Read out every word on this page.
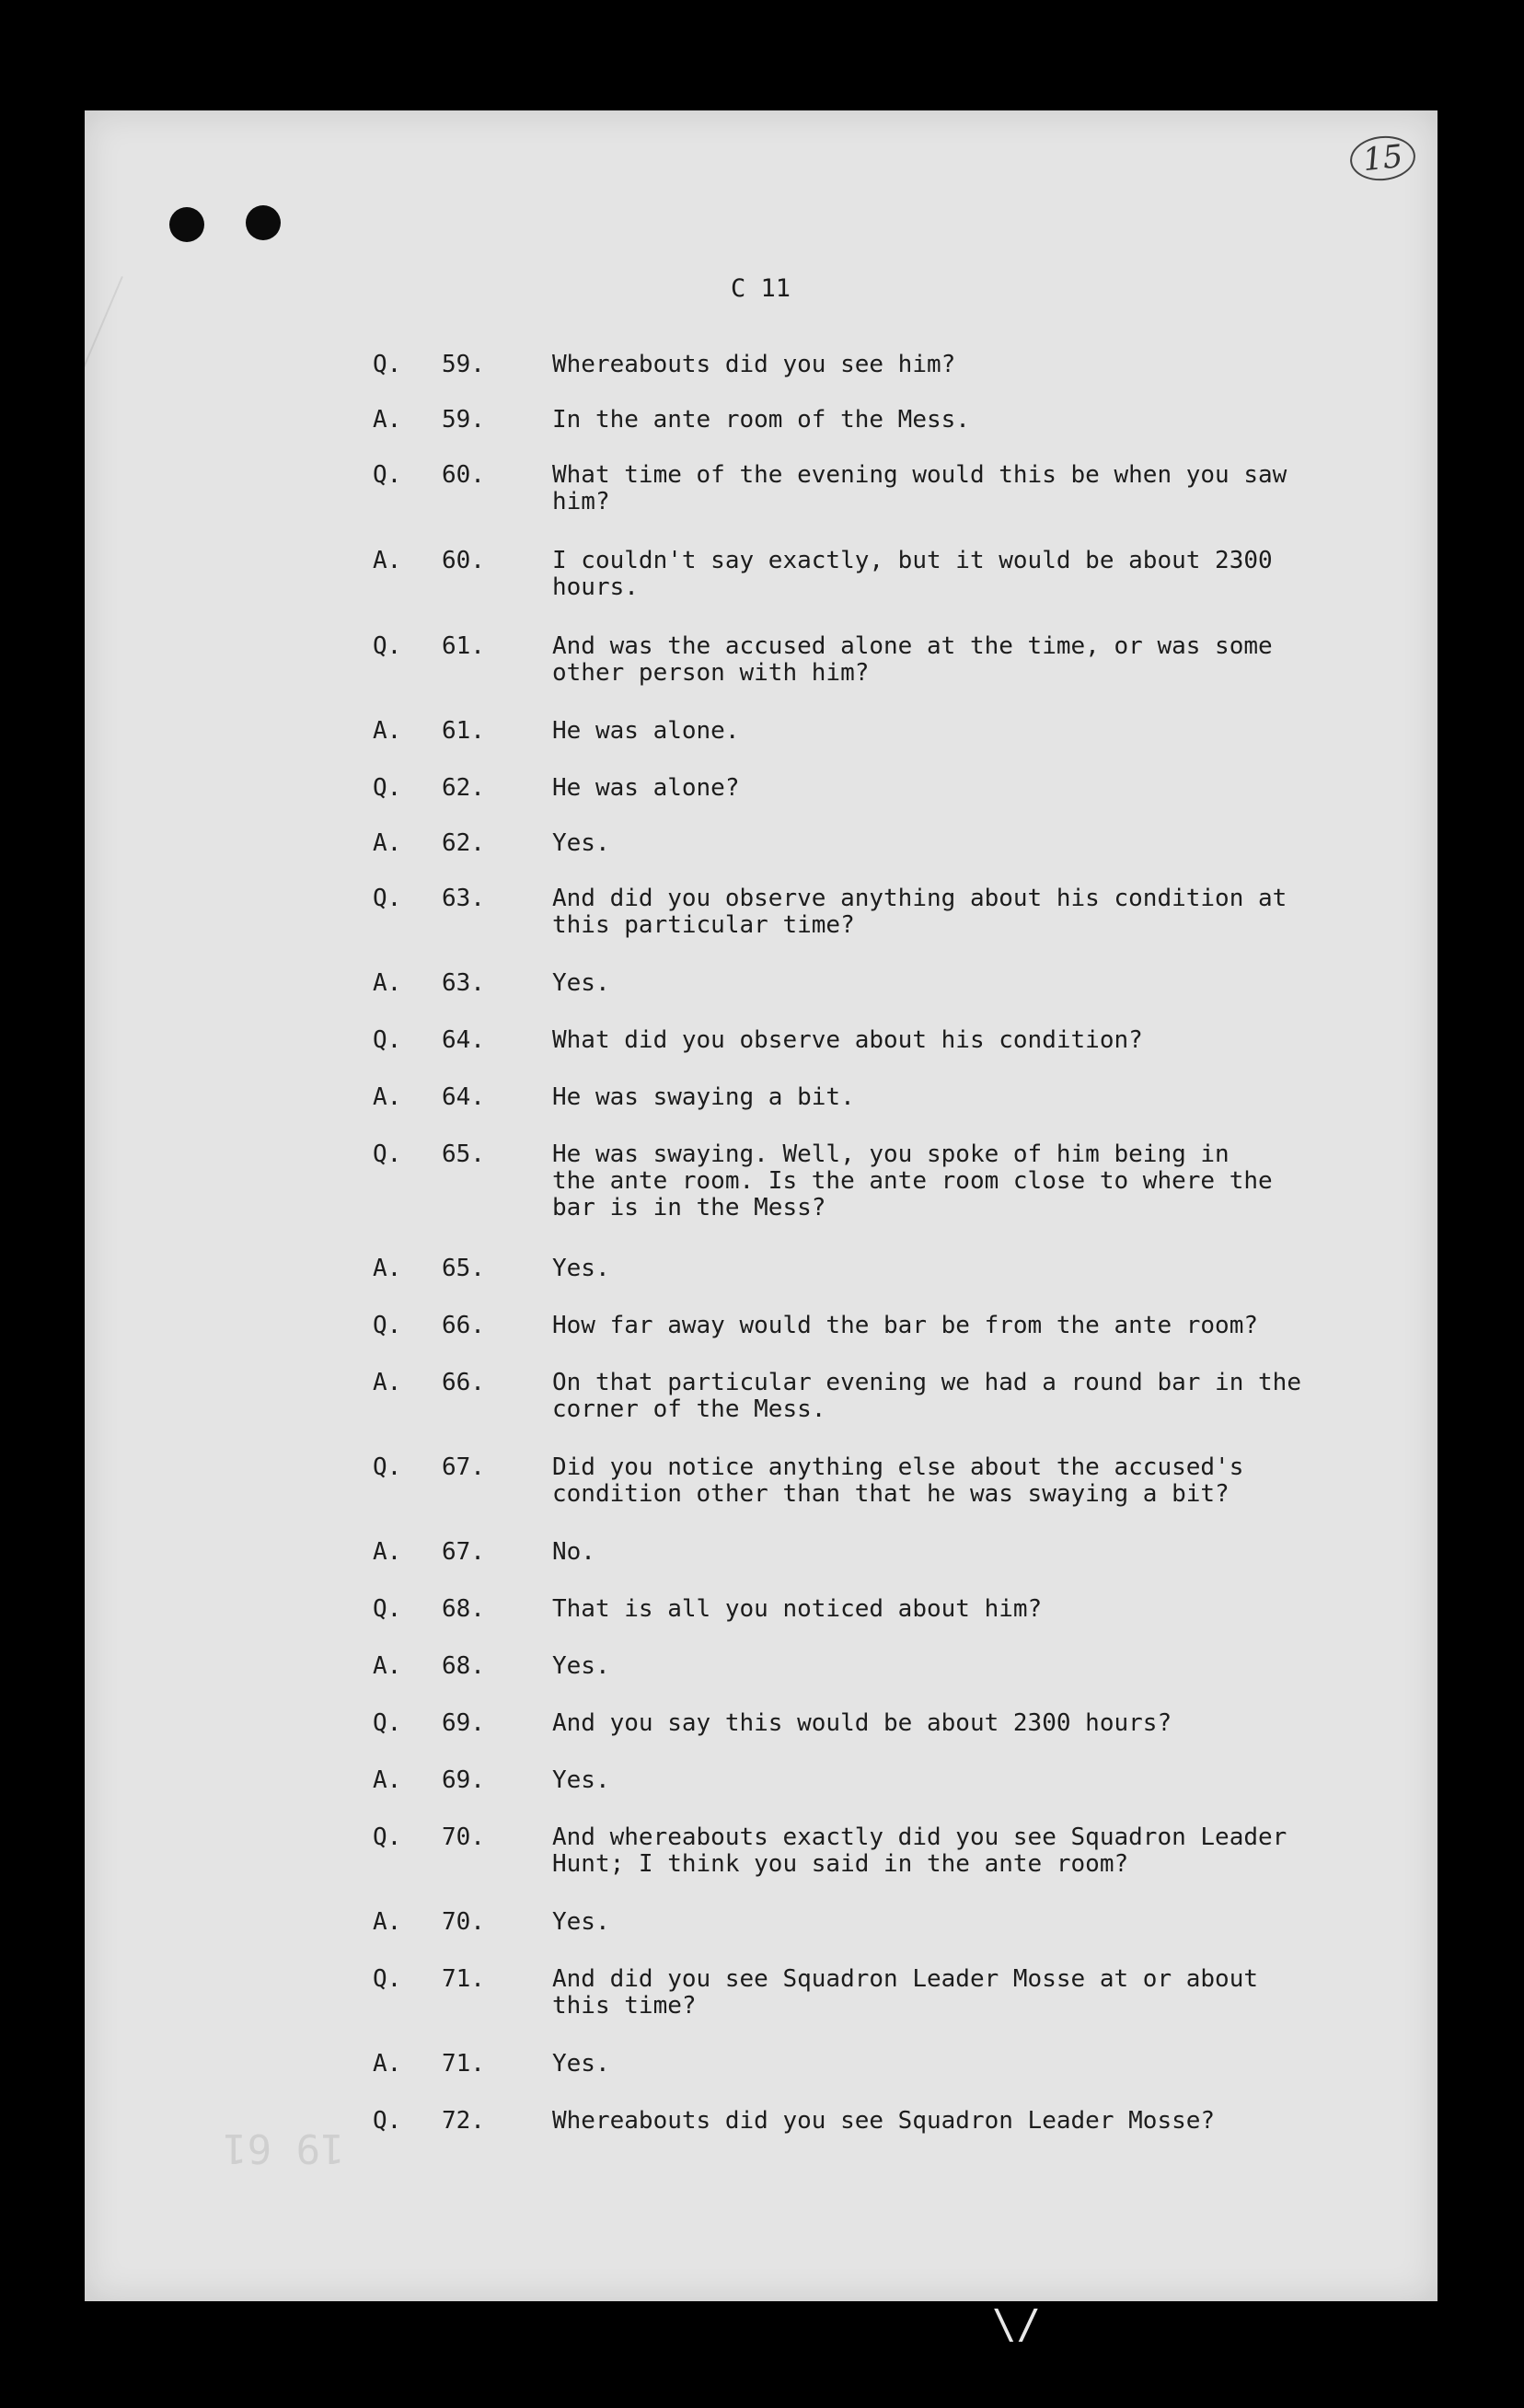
15
C 11
Q. 59.	Whereabouts did you see him?
A. 59.	In the ante room of the Mess.
Q. 60.	What time of the evening would this be when you saw
him?
A. 60.	I couldn't say exactly, but it would be about 2300
hours.
Q. 61.	And was the accused alone at the time, or was some
other person with him?
A. 61.	He was alone.
Q. 62.	He was alone?
A. 62.	Yes.
Q. 63.	And did you observe anything about his condition at
this particular time?
A. 63.	Yes.
Q. 64.	What did you observe about his condition?
A. 64.	He was swaying a bit.
Q. 65.	He was swaying. Well, you spoke of him being in
the ante room. Is the ante room close to where the
bar is in the Mess?
A. 65.	Yes.
Q. 66.	How far away would the bar be from the ante room?
A. 66.	On that particular evening we had a round bar in the
corner of the Mess.
Q. 67.	Did you notice anything else about the accused's
condition other than that he was swaying a bit?
A. 67.	No.
Q. 68.	That is all you noticed about him?
A. 68.	Yes.
Q. 69.	And you say this would be about 2300 hours?
A. 69.	Yes.
Q. 70.	And whereabouts exactly did you see Squadron Leader
Hunt; I think you said in the ante room?
A. 70.	Yes.
Q. 71.	And did you see Squadron Leader Mosse at or about
this time?
A. 71.	Yes.
Q. 72.	Whereabouts did you see Squadron Leader Mosse?
19 61
\/
